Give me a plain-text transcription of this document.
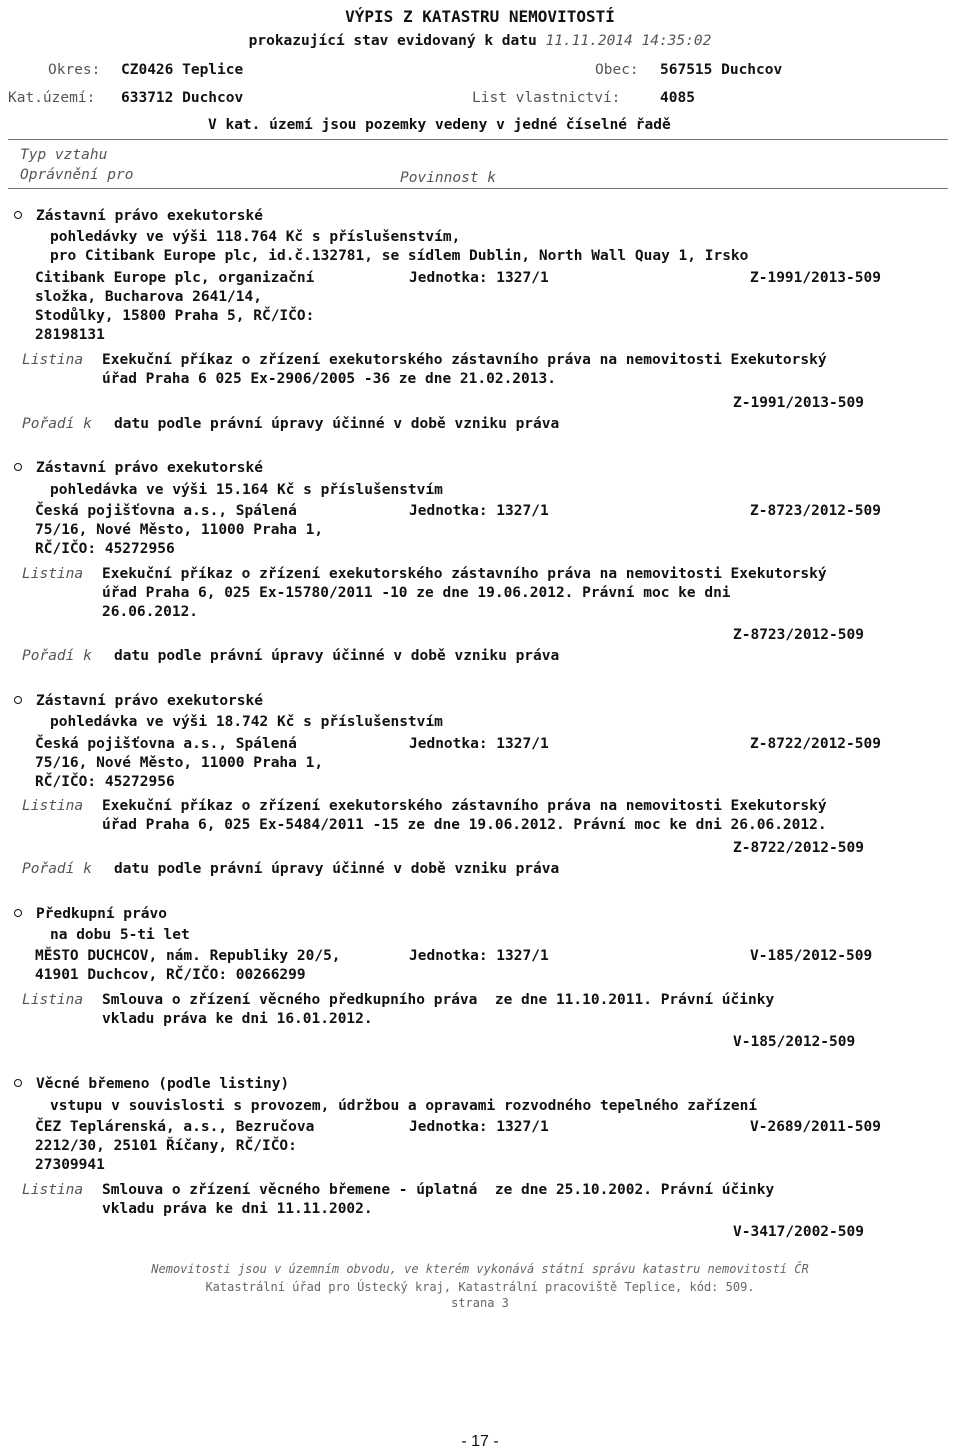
VÝPIS Z KATASTRU NEMOVITOSTÍ
prokazující stav evidovaný k datu 11.11.2014 14:35:02
Okres: CZ0426 Teplice	Obec: 567515 Duchcov
Kat.území: 633712 Duchcov	List vlastnictví:	4085
V kat. území jsou pozemky vedeny v jedné číselné řadě
Typ vztahu
Oprávnění pro	Povinnost k
Zástavní právo exekutorské
pohledávky ve výši 118.764 Kč s příslušenstvím,
pro Citibank Europe plc, id.č.132781, se sídlem Dublin, North Wall Quay 1, Irsko
Citibank Europe plc, organizační
složka, Bucharova 2641/14,
Stodůlky, 15800 Praha 5, RČ/IČO:
28198131
Jednotka: 1327/1	Z-1991/2013-509
Listina Exekuční příkaz o zřízení exekutorského zástavního práva na nemovitosti Exekutorský
úřad Praha 6 025 Ex-2906/2005 -36 ze dne 21.02.2013.
Z-1991/2013-509
Pořadí k datu podle právní úpravy účinné v době vzniku práva
Zástavní právo exekutorské
pohledávka ve výši 15.164 Kč s příslušenstvím
Česká pojišťovna a.s., Spálená
75/16, Nové Město, 11000 Praha 1,
RČ/IČO: 45272956
Jednotka: 1327/1	Z-8723/2012-509
Listina Exekuční příkaz o zřízení exekutorského zástavního práva na nemovitosti Exekutorský
úřad Praha 6, 025 Ex-15780/2011 -10 ze dne 19.06.2012. Právní moc ke dni
26.06.2012.
Z-8723/2012-509
Pořadí k datu podle právní úpravy účinné v době vzniku práva
Zástavní právo exekutorské
pohledávka ve výši 18.742 Kč s příslušenstvím
Česká pojišťovna a.s., Spálená
75/16, Nové Město, 11000 Praha 1,
RČ/IČO: 45272956
Jednotka: 1327/1	Z-8722/2012-509
Listina Exekuční příkaz o zřízení exekutorského zástavního práva na nemovitosti Exekutorský
úřad Praha 6, 025 Ex-5484/2011 -15 ze dne 19.06.2012. Právní moc ke dni 26.06.2012.
Z-8722/2012-509
Pořadí k datu podle právní úpravy účinné v době vzniku práva
Předkupní právo
na dobu 5-ti let
MĚSTO DUCHCOV, nám. Republiky 20/5,
41901 Duchcov, RČ/IČO: 00266299
Jednotka: 1327/1	V-185/2012-509
Listina Smlouva o zřízení věcného předkupního práva  ze dne 11.10.2011. Právní účinky
vkladu práva ke dni 16.01.2012.
V-185/2012-509
Věcné břemeno (podle listiny)
vstupu v souvislosti s provozem, údržbou a opravami rozvodného tepelného zařízení
ČEZ Teplárenská, a.s., Bezručova
2212/30, 25101 Říčany, RČ/IČO:
27309941
Jednotka: 1327/1	V-2689/2011-509
Listina Smlouva o zřízení věcného břemene - úplatná  ze dne 25.10.2002. Právní účinky
vkladu práva ke dni 11.11.2002.
V-3417/2002-509
Nemovitosti jsou v územním obvodu, ve kterém vykonává státní správu katastru nemovitostí ČR
Katastrální úřad pro Ústecký kraj, Katastrální pracoviště Teplice, kód: 509.
strana 3
- 17 -
